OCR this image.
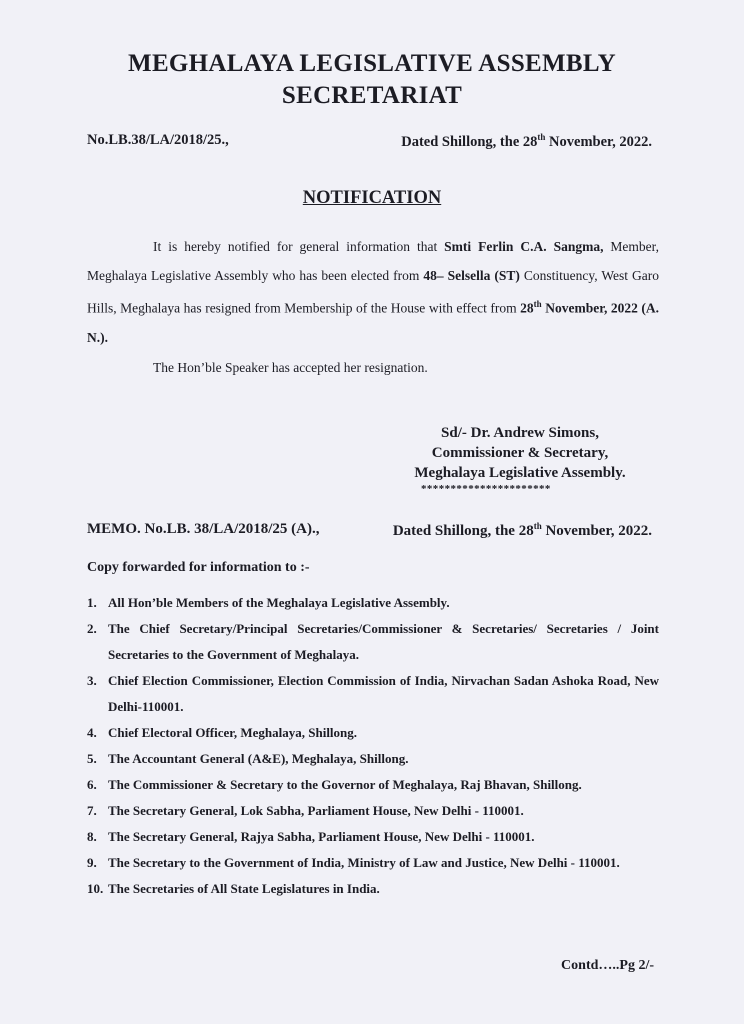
MEGHALAYA LEGISLATIVE ASSEMBLY
SECRETARIAT
No.LB.38/LA/2018/25.,	Dated Shillong, the 28th November, 2022.
NOTIFICATION

It is hereby notified for general information that Smti Ferlin C.A. Sangma, Member, Meghalaya Legislative Assembly who has been elected from 48– Selsella (ST) Constituency, West Garo Hills, Meghalaya has resigned from Membership of the House with effect from 28th November, 2022 (A. N.).

The Hon’ble Speaker has accepted her resignation.

Sd/- Dr. Andrew Simons,
Commissioner & Secretary,
Meghalaya Legislative Assembly.
**********************
MEMO. No.LB. 38/LA/2018/25 (A).,	Dated Shillong, the 28th November, 2022.
Copy forwarded for information to :-
1. All Hon’ble Members of the Meghalaya Legislative Assembly.
2. The Chief Secretary/Principal Secretaries/Commissioner & Secretaries/ Secretaries / Joint Secretaries to the Government of Meghalaya.
3. Chief Election Commissioner, Election Commission of India, Nirvachan Sadan Ashoka Road, New Delhi-110001.
4. Chief Electoral Officer, Meghalaya, Shillong.
5. The Accountant General (A&E), Meghalaya, Shillong.
6. The Commissioner & Secretary to the Governor of Meghalaya, Raj Bhavan, Shillong.
7. The Secretary General, Lok Sabha, Parliament House, New Delhi - 110001.
8. The Secretary General, Rajya Sabha, Parliament House, New Delhi - 110001.
9. The Secretary to the Government of India, Ministry of Law and Justice, New Delhi - 110001.
10. The Secretaries of All State Legislatures in India.
Contd…..Pg 2/-
